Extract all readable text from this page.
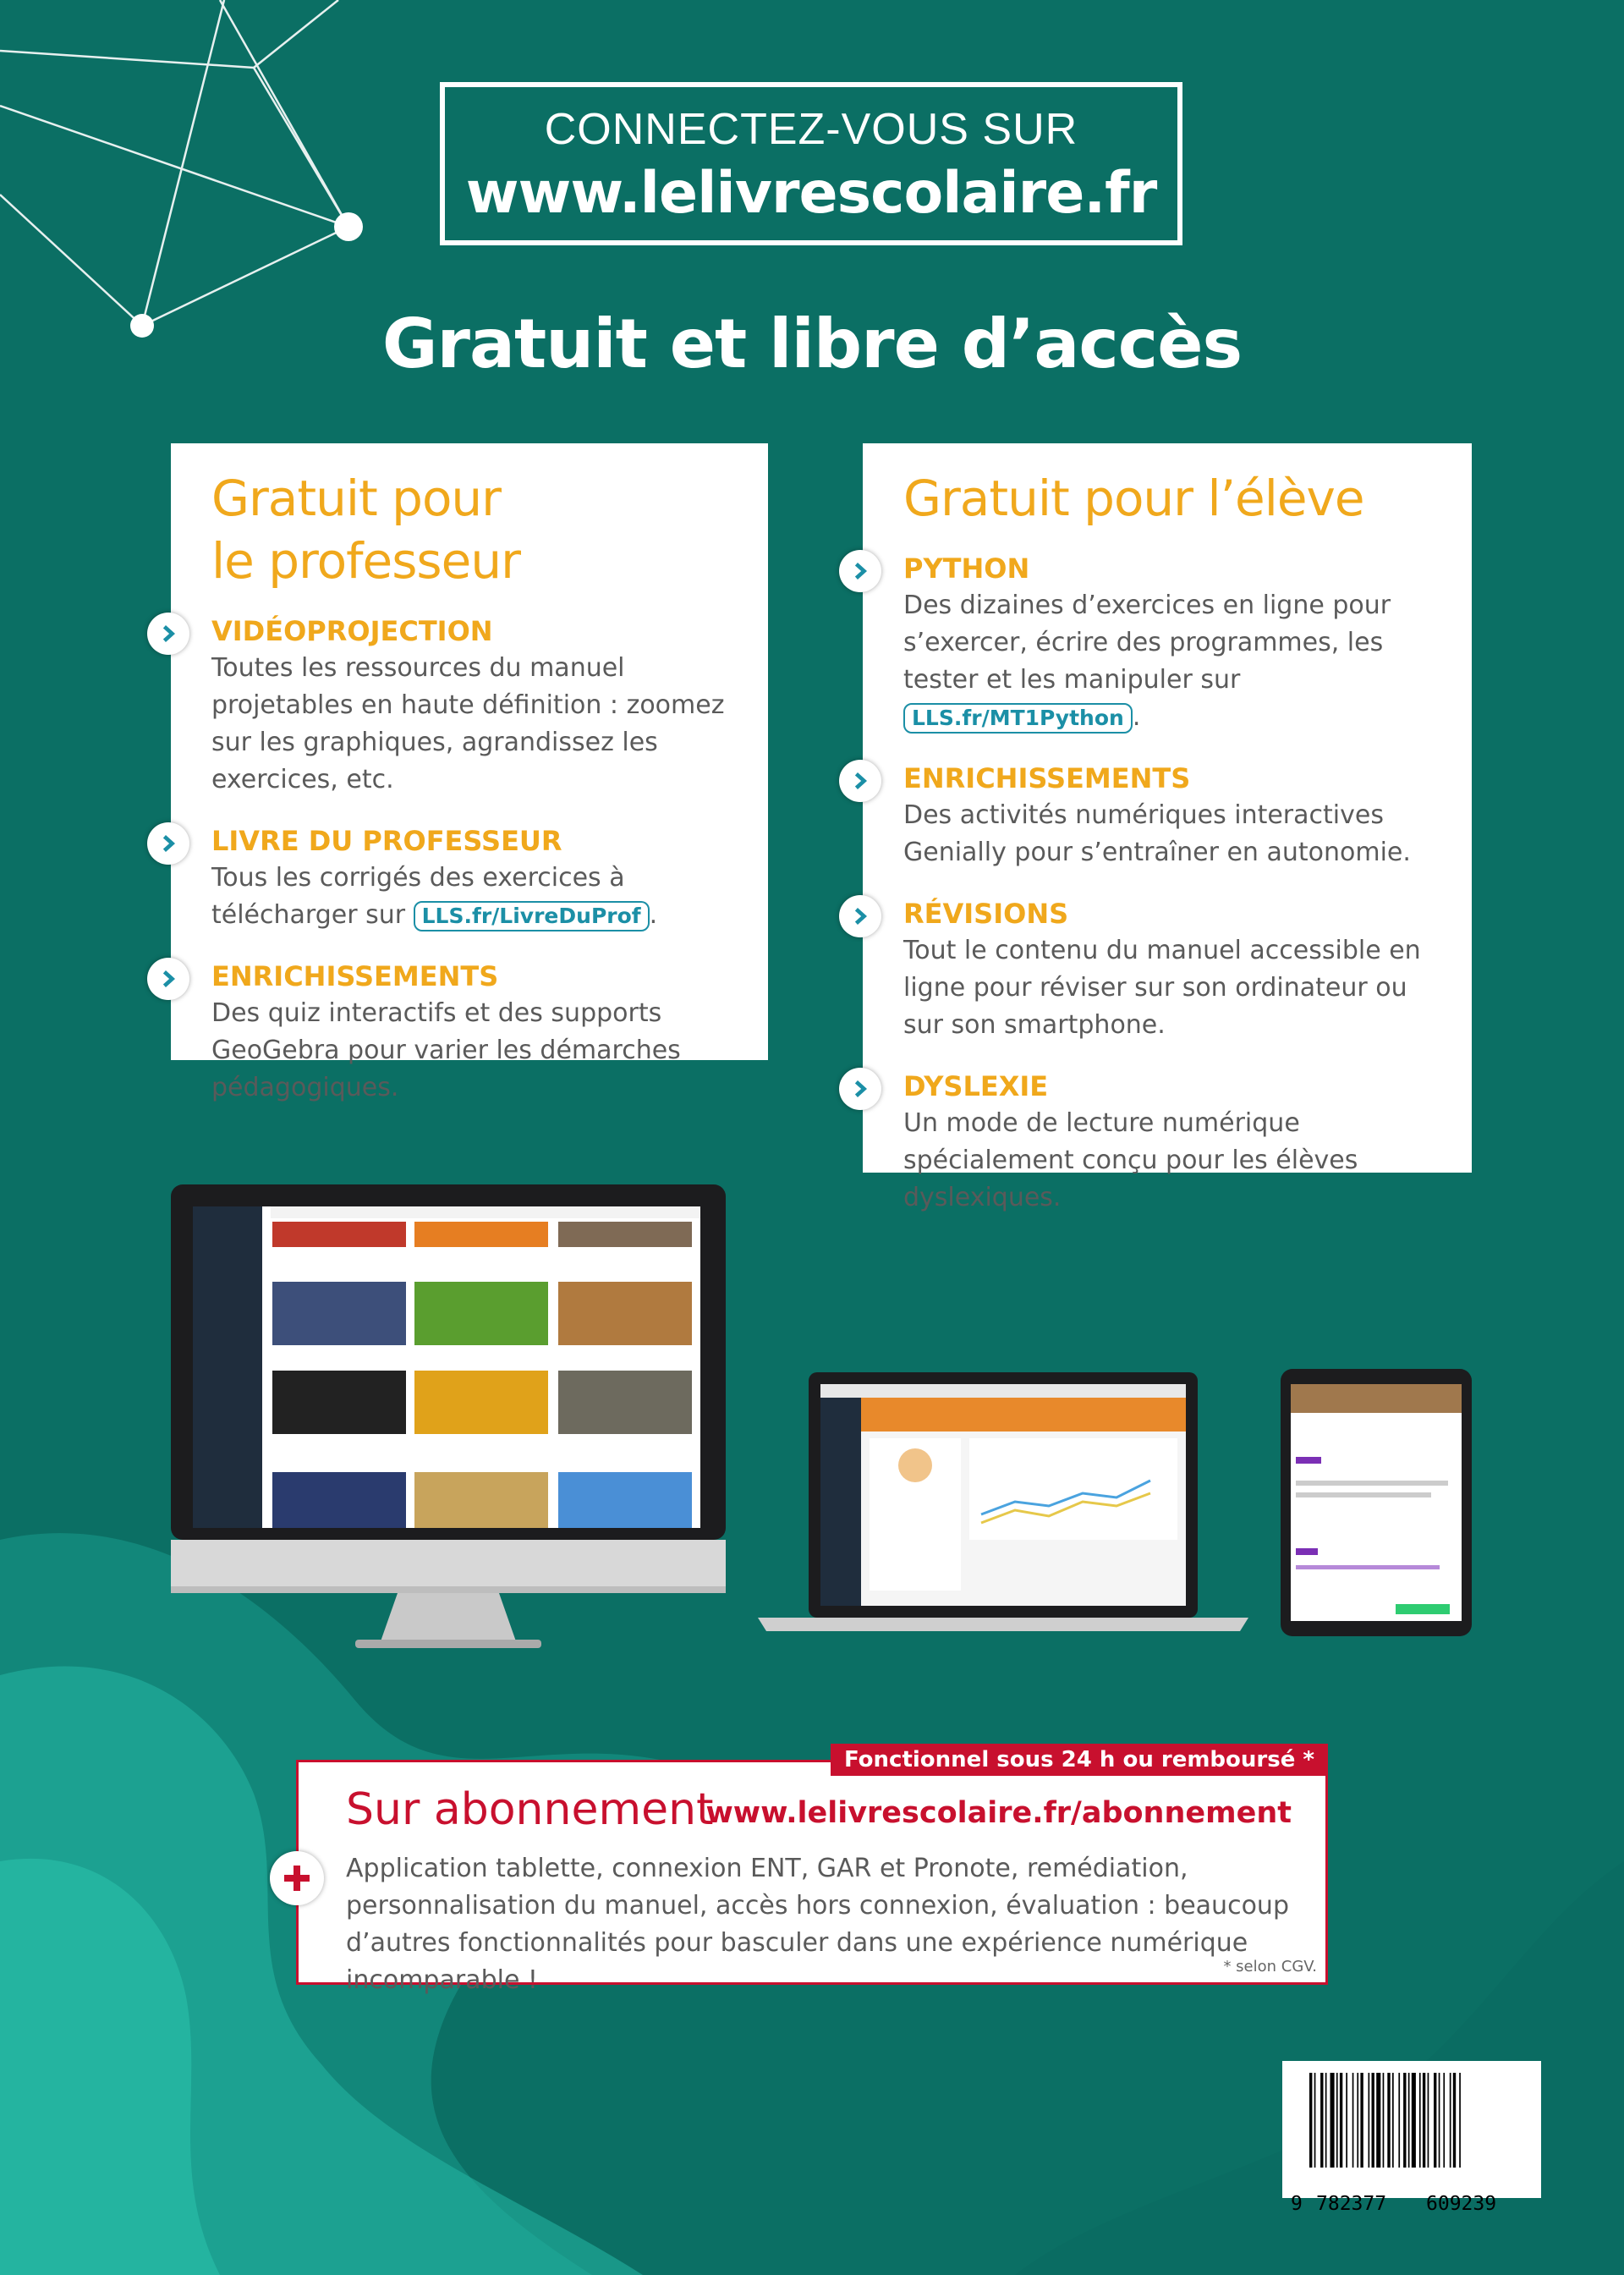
CONNECTEZ-VOUS SUR
www.lelivrescolaire.fr
Gratuit et libre d’accès
Gratuit pour
le professeur
VIDÉOPROJECTION
Toutes les ressources du manuel projetables en haute définition : zoomez sur les graphiques, agrandissez les exercices, etc.
LIVRE DU PROFESSEUR
Tous les corrigés des exercices à télécharger sur LLS.fr/LivreDuProf .
ENRICHISSEMENTS
Des quiz interactifs et des supports GeoGebra pour varier les démarches pédagogiques.
Gratuit pour l’élève
PYTHON
Des dizaines d’exercices en ligne pour s’exercer, écrire des programmes, les tester et les manipuler sur LLS.fr/MT1Python .
ENRICHISSEMENTS
Des activités numériques interactives Genially pour s’entraîner en autonomie.
RÉVISIONS
Tout le contenu du manuel accessible en ligne pour réviser sur son ordinateur ou sur son smartphone.
DYSLEXIE
Un mode de lecture numérique spécialement conçu pour les élèves dyslexiques.
Fonctionnel sous 24 h ou remboursé *
Sur abonnement
www.lelivrescolaire.fr/abonnement
Application tablette, connexion ENT, GAR et Pronote, remédiation, personnalisation du manuel, accès hors connexion, évaluation : beaucoup d’autres fonctionnalités pour basculer dans une expérience numérique incomparable !	* selon CGV.
9 782377 609239
